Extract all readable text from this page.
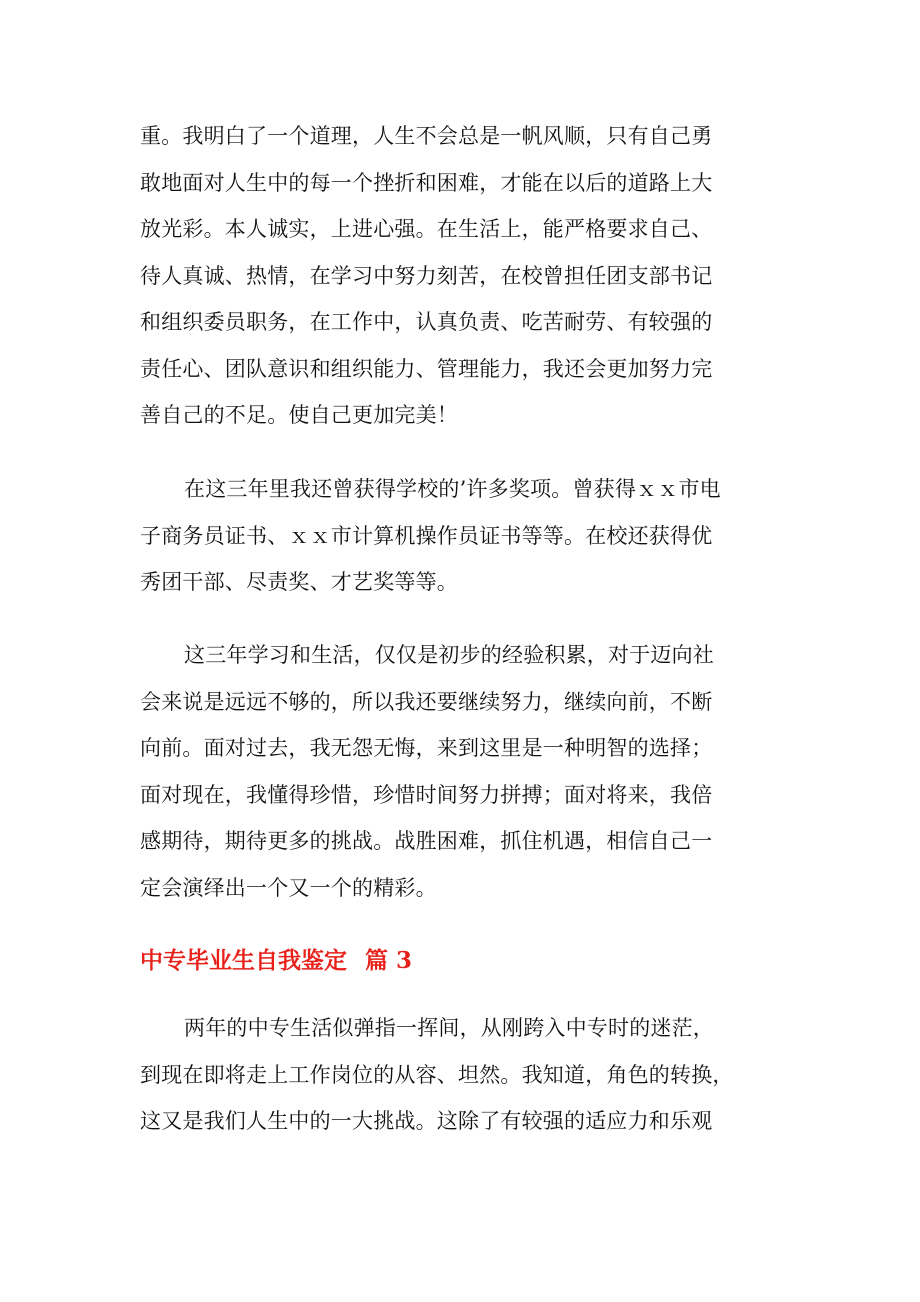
重。我明白了一个道理，人生不会总是一帆风顺，只有自己勇
敢地面对人生中的每一个挫折和困难，才能在以后的道路上大
放光彩。本人诚实，上进心强。在生活上，能严格要求自己、
待人真诚、热情，在学习中努力刻苦，在校曾担任团支部书记
和组织委员职务，在工作中，认真负责、吃苦耐劳、有较强的
责任心、团队意识和组织能力、管理能力，我还会更加努力完
善自己的不足。使自己更加完美！
在这三年里我还曾获得学校的’许多奖项。曾获得ｘｘ市电
子商务员证书、ｘｘ市计算机操作员证书等等。在校还获得优
秀团干部、尽责奖、才艺奖等等。
这三年学习和生活，仅仅是初步的经验积累，对于迈向社
会来说是远远不够的，所以我还要继续努力，继续向前，不断
向前。面对过去，我无怨无悔，来到这里是一种明智的选择；
面对现在，我懂得珍惜，珍惜时间努力拼搏；面对将来，我倍
感期待，期待更多的挑战。战胜困难，抓住机遇，相信自己一
定会演绎出一个又一个的精彩。
中专毕业生自我鉴定 篇 3
两年的中专生活似弹指一挥间，从刚跨入中专时的迷茫，
到现在即将走上工作岗位的从容、坦然。我知道，角色的转换，
这又是我们人生中的一大挑战。这除了有较强的适应力和乐观
